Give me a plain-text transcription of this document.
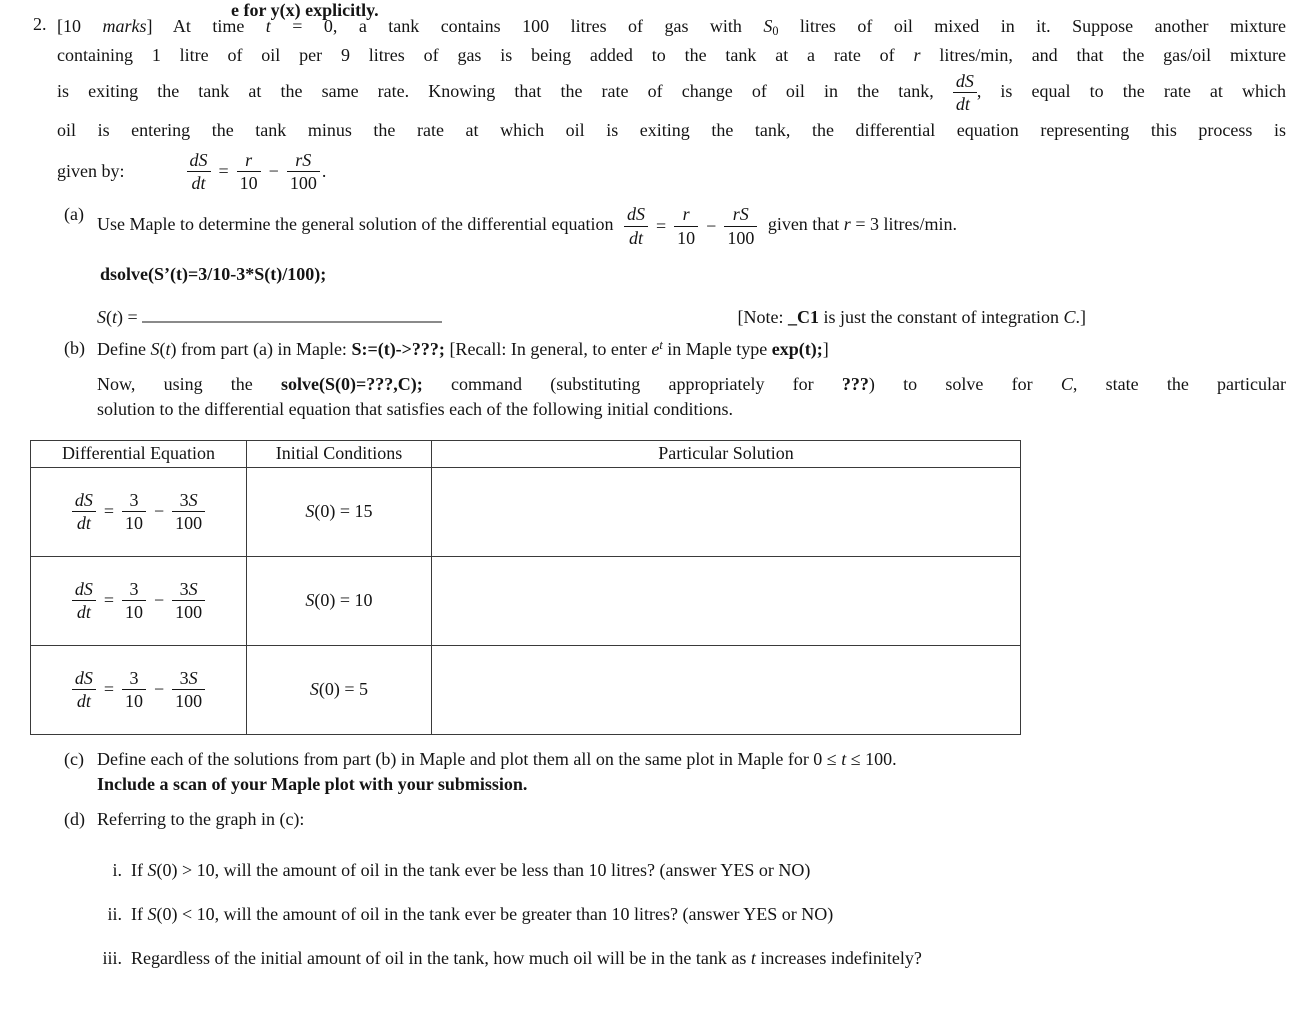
e for y(x) explicitly.
2. [10 marks] At time t = 0, a tank contains 100 litres of gas with $S_0$ litres of oil mixed in it. Suppose another mixture
containing 1 litre of oil per 9 litres of gas is being added to the tank at a rate of r litres/min, and that the gas/oil mixture
is exiting the tank at the same rate. Knowing that the rate of change of oil in the tank, $\frac{dS}{dt}$ , is equal to the rate at which
oil is entering the tank minus the rate at which oil is exiting the tank, the differential equation representing this process is
given by:	$\frac{dS}{dt} = \frac{r}{10} - \frac{rS}{100}$ .
(a) Use Maple to determine the general solution of the differential equation $\frac{dS}{dt} = \frac{r}{10} - \frac{rS}{100}$ given that r = 3 litres/min.
dsolve(S’(t)=3/10-3*S(t)/100);
S(t) =	[Note: _C1 is just the constant of integration C.]
(b) Define S(t) from part (a) in Maple: S:=(t)->???; [Recall: In general, to enter $e^t$ in Maple type exp(t);]
Now, using the solve(S(0)=???,C); command (substituting appropriately for ???) to solve for C, state the particular
solution to the differential equation that satisfies each of the following initial conditions.
Differential Equation	Initial Conditions	Particular Solution

$\frac{dS}{dt} = \frac{3}{10} - \frac{3S}{100}$	S(0) = 15	

$\frac{dS}{dt} = \frac{3}{10} - \frac{3S}{100}$	S(0) = 10	

$\frac{dS}{dt} = \frac{3}{10} - \frac{3S}{100}$	S(0) = 5	
(c) Define each of the solutions from part (b) in Maple and plot them all on the same plot in Maple for 0 ≤ t ≤ 100.
Include a scan of your Maple plot with your submission.
(d) Referring to the graph in (c):
i. If S(0) > 10, will the amount of oil in the tank ever be less than 10 litres? (answer YES or NO)
ii. If S(0) < 10, will the amount of oil in the tank ever be greater than 10 litres? (answer YES or NO)
iii. Regardless of the initial amount of oil in the tank, how much oil will be in the tank as t increases indefinitely?
